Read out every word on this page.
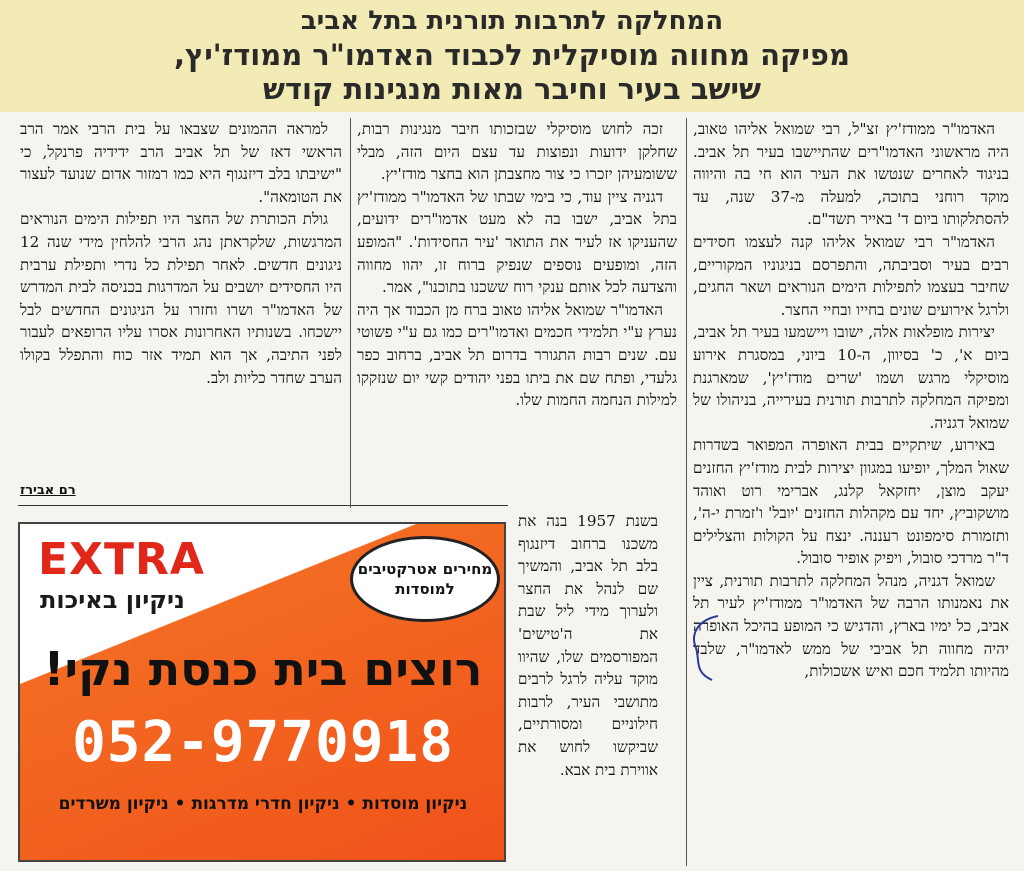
המחלקה לתרבות תורנית בתל אביב
מפיקה מחווה מוסיקלית לכבוד האדמו"ר ממודז'יץ,
שישב בעיר וחיבר מאות מנגינות קודש

האדמו"ר ממודז'יץ זצ"ל, רבי שמואל אליהו טאוב, היה מראשוני האדמו"רים שהתיישבו בעיר תל אביב. בניגוד לאחרים שנטשו את העיר הוא חי בה והיווה מוקד רוחני בתוכה, למעלה מ-37 שנה, עד להסתלקותו ביום ד' באייר תשד"ם.

האדמו"ר רבי שמואל אליהו קנה לעצמו חסידים רבים בעיר וסביבתה, והתפרסם בניגוניו המקוריים, שחיבר בעצמו לתפילות הימים הנוראים ושאר החגים, ולרגל אירועים שונים בחייו ובחיי החצר.

יצירות מופלאות אלה, ישובו ויישמעו בעיר תל אביב, ביום א', כ' בסיוון, ה-10 ביוני, במסגרת אירוע מוסיקלי מרגש ושמו 'שרים מודז'יץ', שמארגנת ומפיקה המחלקה לתרבות תורנית בעירייה, בניהולו של שמואל דגניה.

באירוע, שיתקיים בבית האופרה המפואר בשדרות שאול המלך, יופיעו במגוון יצירות לבית מודז'יץ החזנים יעקב מוצן, יחזקאל קלנג, אברימי רוט ואוהד מושקוביץ, יחד עם מקהלות החזנים 'יובל' ו'זמרת י-ה', ותזמורת סימפונט רעננה. ינצח על הקולות והצלילים ד"ר מרדכי סובול, ויפיק אופיר סובול.

שמואל דגניה, מנהל המחלקה לתרבות תורנית, ציין את נאמנותו הרבה של האדמו"ר ממודז'יץ לעיר תל אביב, כל ימיו בארץ, והדגיש כי המופע בהיכל האופרה יהיה מחווה תל אביבי של ממש לאדמו"ר, שלבד מהיותו תלמיד חכם ואיש אשכולות,

זכה לחוש מוסיקלי שבזכותו חיבר מנגינות רבות, שחלקן ידועות ונפוצות עד עצם היום הזה, מבלי ששומעיהן יזכרו כי צור מחצבתן הוא בחצר מודז'יץ.

דגניה ציין עוד, כי בימי שבתו של האדמו"ר ממודז'יץ בתל אביב, ישבו בה לא מעט אדמו"רים ידועים, שהעניקו אז לעיר את התואר 'עיר החסידות'. "המופע הזה, ומופעים נוספים שנפיק ברוח זו, יהוו מחווה והצדעה לכל אותם ענקי רוח ששכנו בתוכנו", אמר.

האדמו"ר שמואל אליהו טאוב ברח מן הכבוד אך היה נערץ ע"י תלמידי חכמים ואדמו"רים כמו גם ע"י פשוטי עם. שנים רבות התגורר בדרום תל אביב, ברחוב כפר גלעדי, ופתח שם את ביתו בפני יהודים קשי יום שנזקקו למילות הנחמה החמות שלו.

בשנת 1957 בנה את משכנו ברחוב דיזנגוף בלב תל אביב, והמשיך שם לנהל את החצר ולערוך מידי ליל שבת את ה'טישים' המפורסמים שלו, שהיוו מוקד עליה לרגל לרבים מתושבי העיר, לרבות חילוניים ומסורתיים, שביקשו לחוש את אווירת בית אבא.

למראה ההמונים שצבאו על בית הרבי אמר הרב הראשי דאז של תל אביב הרב ידידיה פרנקל, כי "ישיבתו בלב דיזנגוף היא כמו רמזור אדום שנועד לעצור את הטומאה".

גולת הכותרת של החצר היו תפילות הימים הנוראים המרגשות, שלקראתן נהג הרבי להלחין מידי שנה 12 ניגונים חדשים. לאחר תפילת כל נדרי ותפילת ערבית היו החסידים יושבים על המדרגות בכניסה לבית המדרש של האדמו"ר ושרו וחזרו על הניגונים החדשים לבל יישכחו. בשנותיו האחרונות אסרו עליו הרופאים לעבור לפני התיבה, אך הוא תמיד אזר כוח והתפלל בקולו הערב שחדר כליות ולב.

רם אבירז
EXTRA
ניקיון באיכות
מחירים אטרקטיבים למוסדות
רוצים בית כנסת נקי!
052-9770918
ניקיון מוסדות • ניקיון חדרי מדרגות • ניקיון משרדים
